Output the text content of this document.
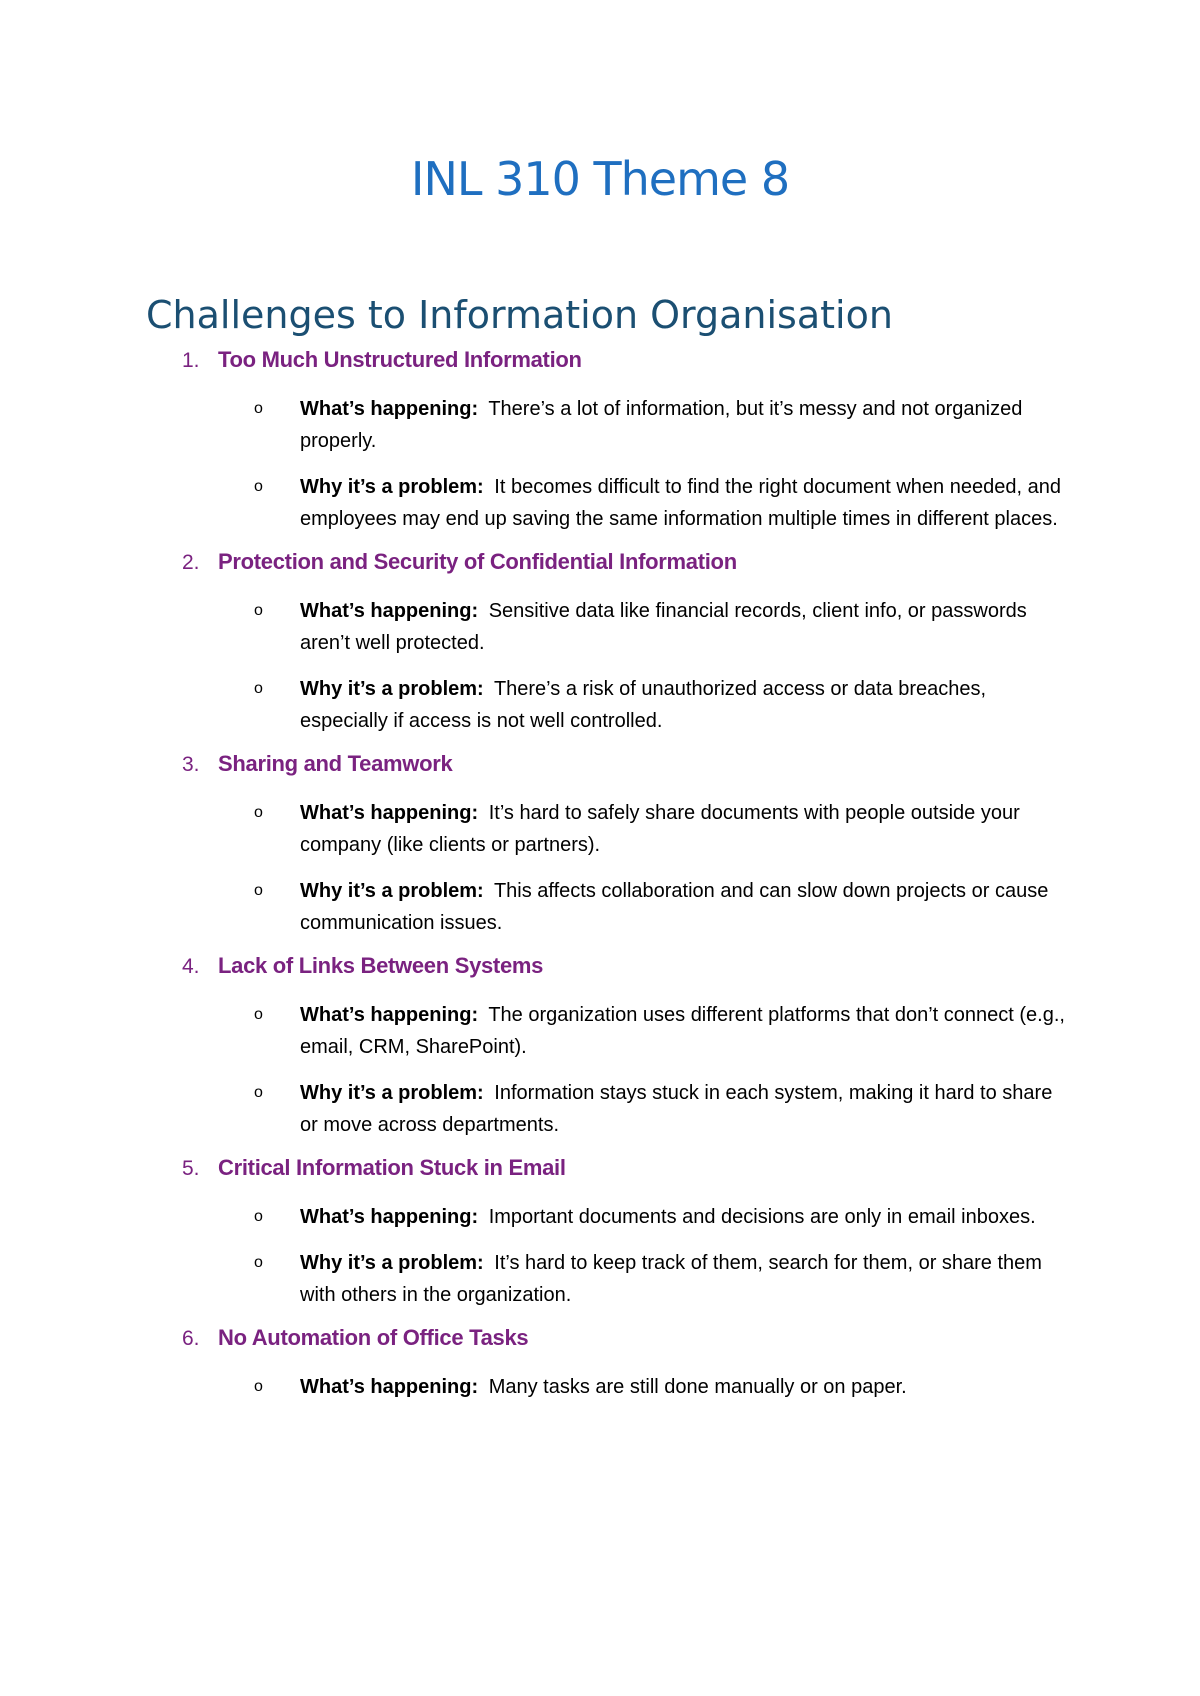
INL 310 Theme 8
Challenges to Information Organisation
1. Too Much Unstructured Information
o	What’s happening: There’s a lot of information, but it’s messy and not organized properly.
o	Why it’s a problem: It becomes difficult to find the right document when needed, and employees may end up saving the same information multiple times in different places.
2. Protection and Security of Confidential Information
o	What’s happening: Sensitive data like financial records, client info, or passwords aren’t well protected.
o	Why it’s a problem: There’s a risk of unauthorized access or data breaches, especially if access is not well controlled.
3. Sharing and Teamwork
o	What’s happening: It’s hard to safely share documents with people outside your company (like clients or partners).
o	Why it’s a problem: This affects collaboration and can slow down projects or cause communication issues.
4. Lack of Links Between Systems
o	What’s happening: The organization uses different platforms that don’t connect (e.g., email, CRM, SharePoint).
o	Why it’s a problem: Information stays stuck in each system, making it hard to share or move across departments.
5. Critical Information Stuck in Email
o	What’s happening: Important documents and decisions are only in email inboxes.
o	Why it’s a problem: It’s hard to keep track of them, search for them, or share them with others in the organization.
6. No Automation of Office Tasks
o	What’s happening: Many tasks are still done manually or on paper.
